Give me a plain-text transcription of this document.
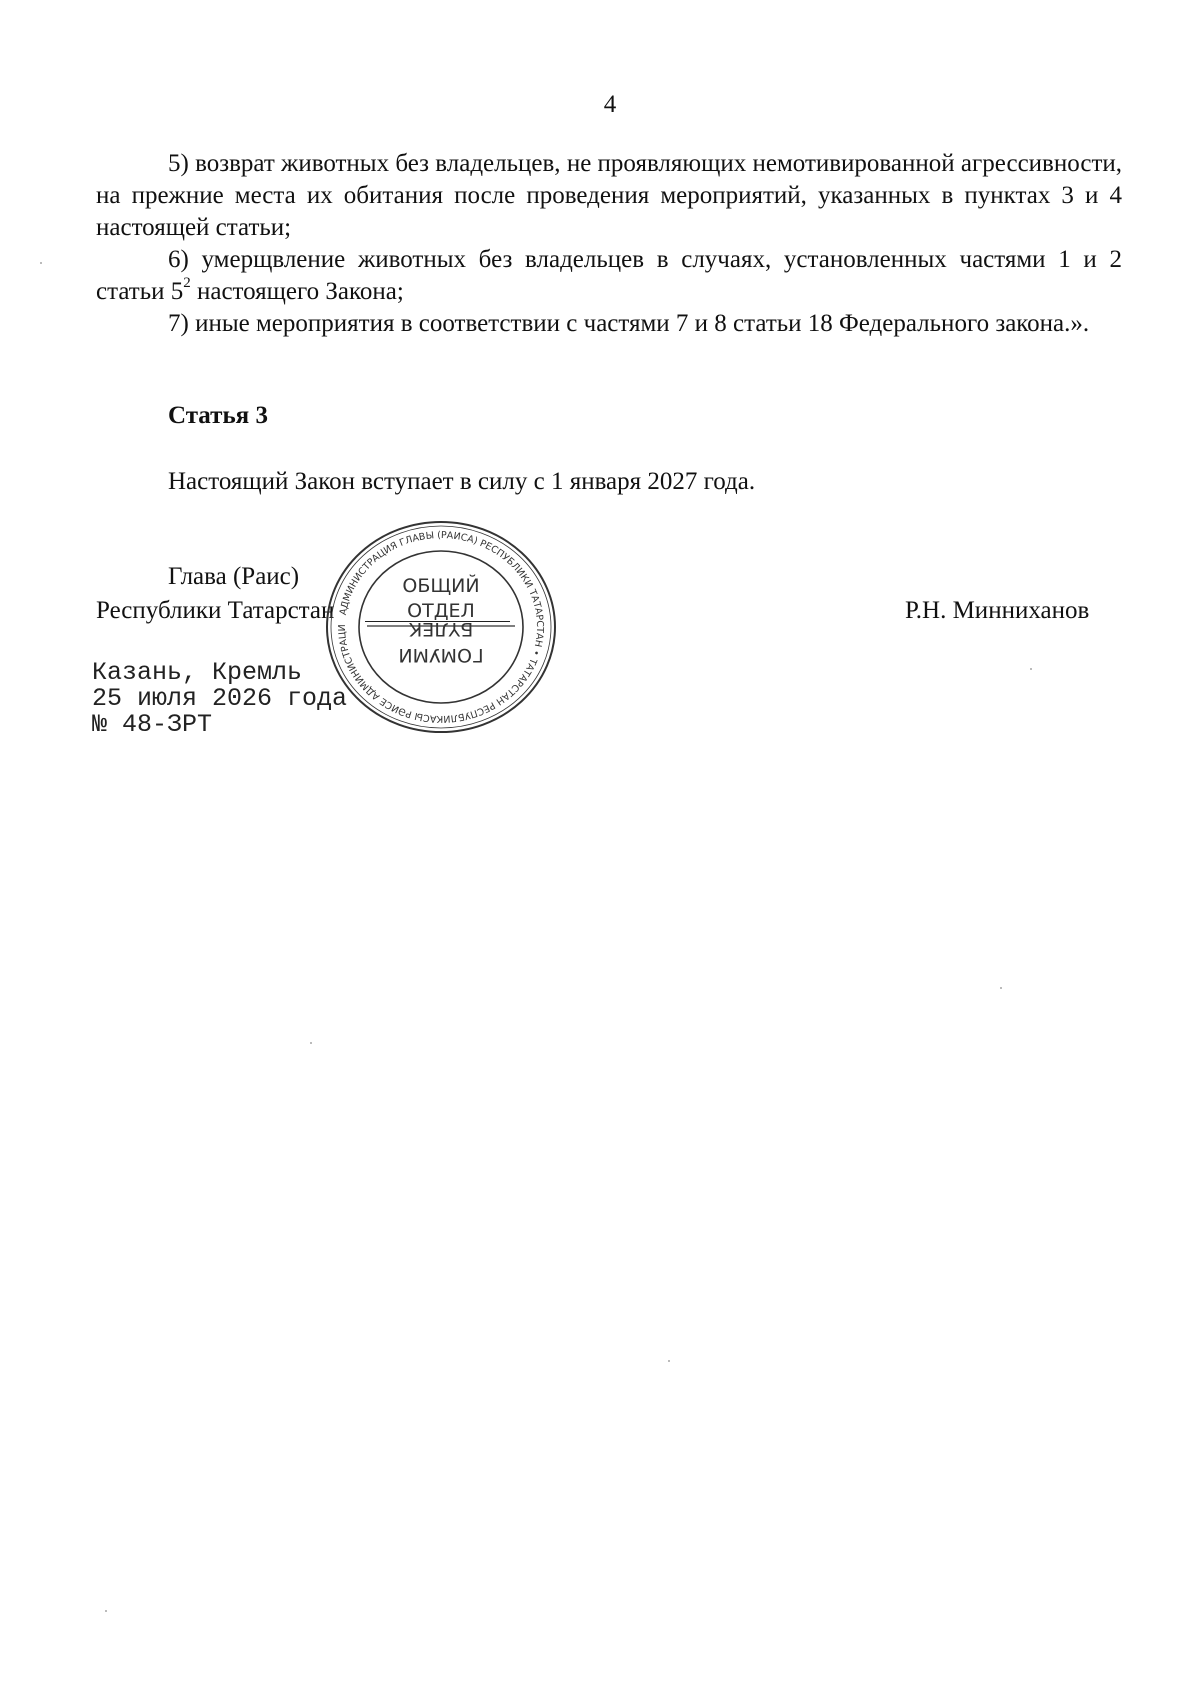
4

5) возврат животных без владельцев, не проявляющих немотивированной агрессивности, на прежние места их обитания после проведения мероприятий, указанных в пунктах 3 и 4 настоящей статьи;

6) умерщвление животных без владельцев в случаях, установленных частями 1 и 2 статьи $5^2$ настоящего Закона;

7) иные мероприятия в соответствии с частями 7 и 8 статьи 18 Федерального закона.».

Статья 3
Настоящий Закон вступает в силу с 1 января 2027 года.
Глава (Раис)
Республики Татарстан	Р.Н. Минниханов
Казань, Кремль
25 июля 2026 года
№ 48-ЗРТ
АДМИНИСТРАЦИЯ ГЛАВЫ (РАИСА) РЕСПУБЛИКИ ТАТАРСТАН • ТАТАРСТАН РЕСПУБЛИКАСЫ РӘИСЕ АДМИНИСТРАЦИ
ОБЩИЙ
ОТДЕЛ
БҮЛЕК
ГОМУМИ
